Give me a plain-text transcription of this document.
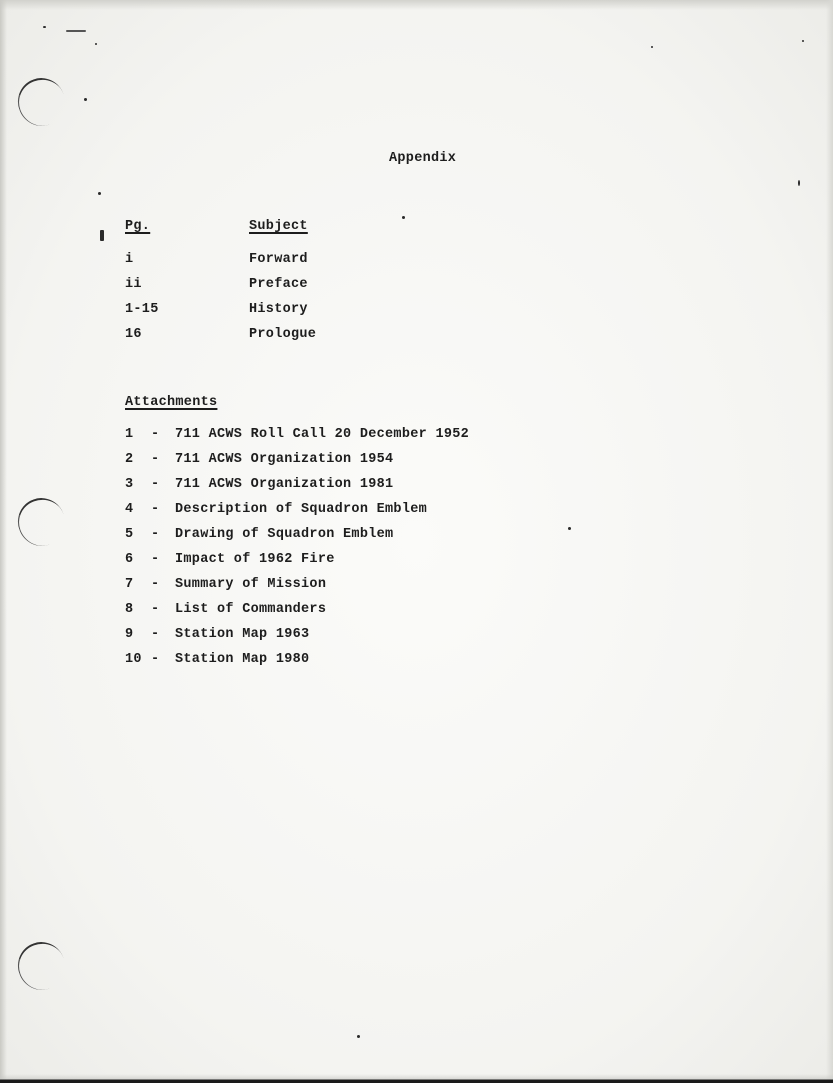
Appendix
Pg.	Subject
i	Forward
ii	Preface
1-15	History
16	Prologue
Attachments
1 - 711 ACWS Roll Call 20 December 1952
2 - 711 ACWS Organization 1954
3 - 711 ACWS Organization 1981
4 - Description of Squadron Emblem
5 - Drawing of Squadron Emblem
6 - Impact of 1962 Fire
7 - Summary of Mission
8 - List of Commanders
9 - Station Map 1963
10 - Station Map 1980
